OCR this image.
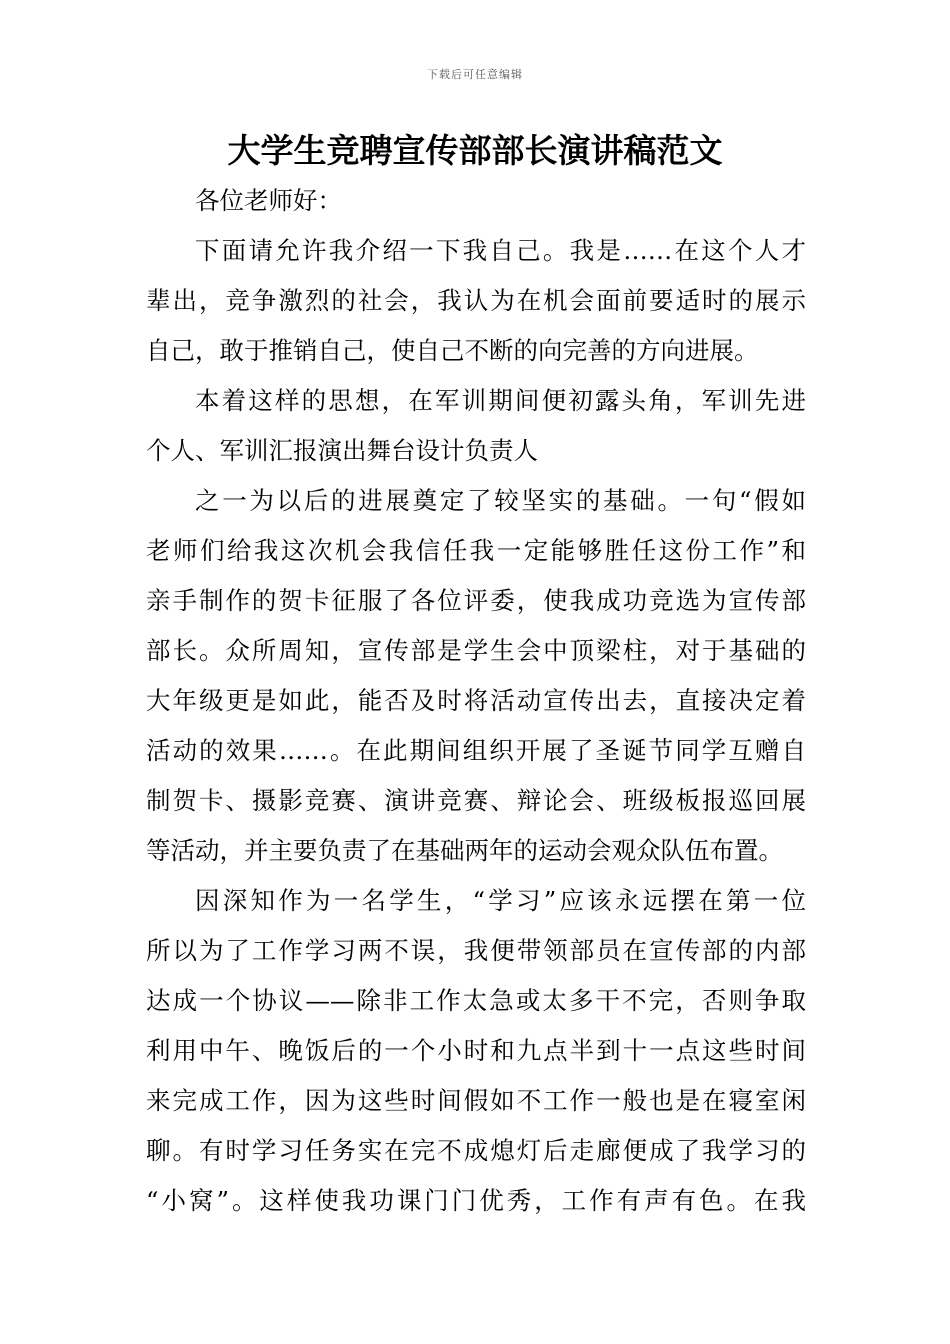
下载后可任意编辑
大学生竞聘宣传部部长演讲稿范文
各位老师好：
下面请允许我介绍一下我自己。我是……在这个人才
辈出，竞争激烈的社会，我认为在机会面前要适时的展示
自己，敢于推销自己，使自己不断的向完善的方向进展。
本着这样的思想，在军训期间便初露头角，军训先进
个人、军训汇报演出舞台设计负责人
之一为以后的进展奠定了较坚实的基础。一句“假如
老师们给我这次机会我信任我一定能够胜任这份工作”和
亲手制作的贺卡征服了各位评委，使我成功竞选为宣传部
部长。众所周知，宣传部是学生会中顶梁柱，对于基础的
大年级更是如此，能否及时将活动宣传出去，直接决定着
活动的效果……。在此期间组织开展了圣诞节同学互赠自
制贺卡、摄影竞赛、演讲竞赛、辩论会、班级板报巡回展
等活动，并主要负责了在基础两年的运动会观众队伍布置。
因深知作为一名学生，“学习”应该永远摆在第一位
所以为了工作学习两不误，我便带领部员在宣传部的内部
达成一个协议——除非工作太急或太多干不完，否则争取
利用中午、晚饭后的一个小时和九点半到十一点这些时间
来完成工作，因为这些时间假如不工作一般也是在寝室闲
聊。有时学习任务实在完不成熄灯后走廊便成了我学习的
“小窝”。这样使我功课门门优秀，工作有声有色。在我
